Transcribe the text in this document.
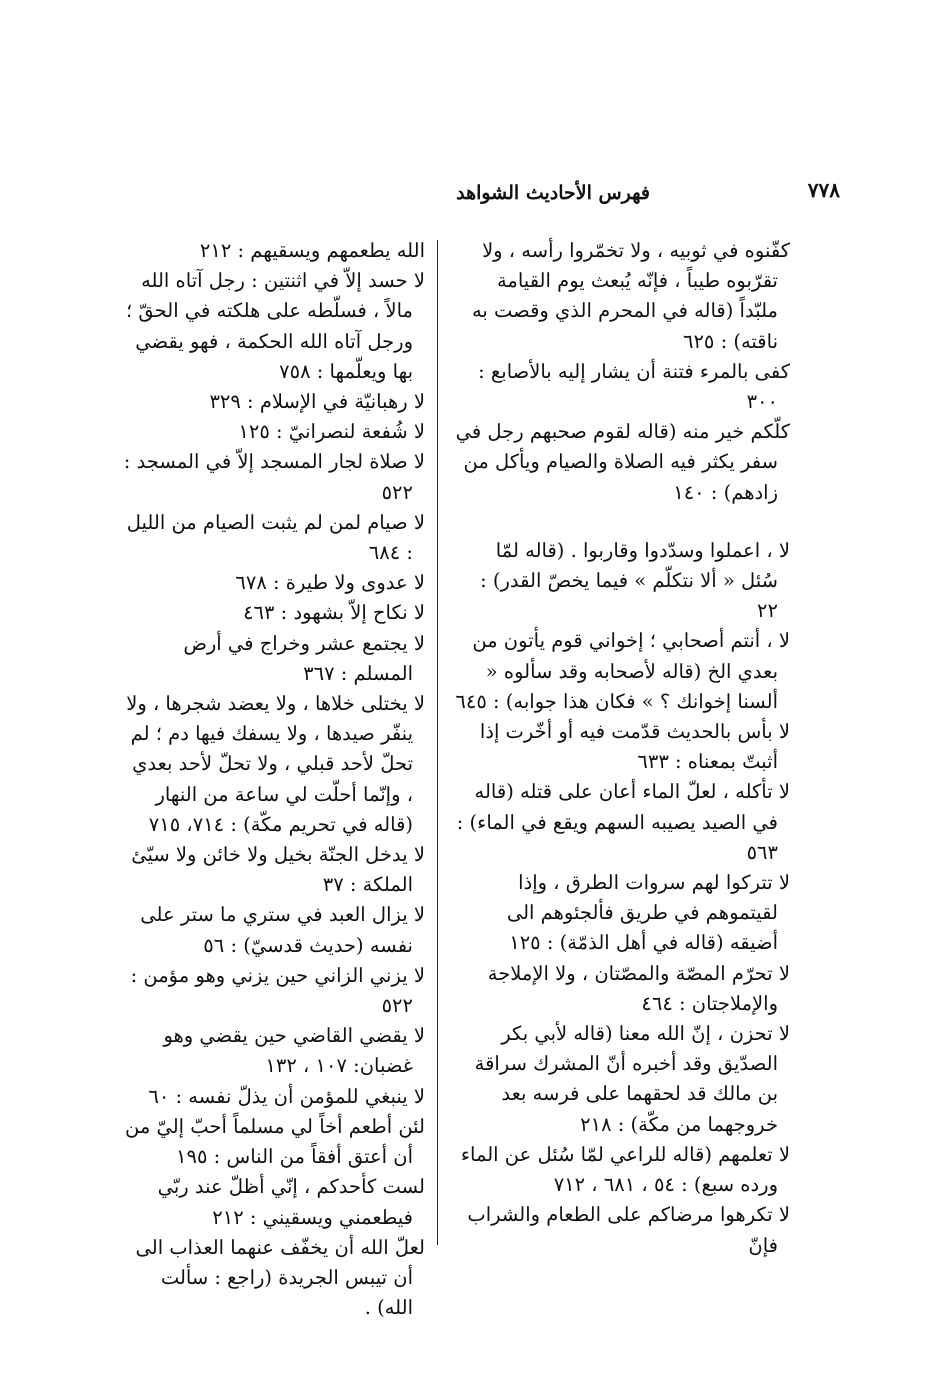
٧٧٨
فهرس الأحاديث الشواهد
كفّنوه في ثوبيه ، ولا تخمّروا رأسه ، ولا تقرّبوه طيباً ، فإنّه يُبعث يوم القيامة ملبّداً (قاله في المحرم الذي وقصت به ناقته) : ٦٢٥
كفى بالمرء فتنة أن يشار إليه بالأصابع : ٣٠٠
كلّكم خير منه (قاله لقوم صحبهم رجل في سفر يكثر فيه الصلاة والصيام ويأكل من زادهم) : ١٤٠
لا ، اعملوا وسدّدوا وقاربوا . (قاله لمّا سُئل « ألا نتكلّم » فيما يخصّ القدر) : ٢٢
لا ، أنتم أصحابي ؛ إخواني قوم يأتون من بعدي الخ (قاله لأصحابه وقد سألوه « ألسنا إخوانك ؟ » فكان هذا جوابه) : ٦٤٥
لا بأس بالحديث قدّمت فيه أو أخّرت إذا أثبتّ بمعناه : ٦٣٣
لا تأكله ، لعلّ الماء أعان على قتله (قاله في الصيد يصيبه السهم ويقع في الماء) : ٥٦٣
لا تتركوا لهم سروات الطرق ، وإذا لقيتموهم في طريق فألجئوهم الى أضيقه (قاله في أهل الذمّة) : ١٢٥
لا تحرّم المصّة والمصّتان ، ولا الإملاجة والإملاجتان : ٤٦٤
لا تحزن ، إنّ الله معنا (قاله لأبي بكر الصدّيق وقد أخبره أنّ المشرك سراقة بن مالك قد لحقهما على فرسه بعد خروجهما من مكّة) : ٢١٨
لا تعلمهم (قاله للراعي لمّا سُئل عن الماء ورده سبع) : ٥٤ ، ٦٨١ ، ٧١٢
لا تكرهوا مرضاكم على الطعام والشراب فإنّ
الله يطعمهم ويسقيهم : ٢١٢
لا حسد إلاّ في اثنتين : رجل آتاه الله مالاً ، فسلّطه على هلكته في الحقّ ؛ ورجل آتاه الله الحكمة ، فهو يقضي بها ويعلّمها : ٧٥٨
لا رهبانيّة في الإسلام : ٣٢٩
لا شُفعة لنصرانيّ : ١٢٥
لا صلاة لجار المسجد إلاّ في المسجد : ٥٢٢
لا صيام لمن لم يثبت الصيام من الليل : ٦٨٤
لا عدوى ولا طيرة : ٦٧٨
لا نكاح إلاّ بشهود : ٤٦٣
لا يجتمع عشر وخراج في أرض المسلم : ٣٦٧
لا يختلى خلاها ، ولا يعضد شجرها ، ولا ينفّر صيدها ، ولا يسفك فيها دم ؛ لم تحلّ لأحد قبلي ، ولا تحلّ لأحد بعدي ، وإنّما أحلّت لي ساعة من النهار (قاله في تحريم مكّة) : ٧١٤، ٧١٥
لا يدخل الجنّة بخيل ولا خائن ولا سيّئ الملكة : ٣٧
لا يزال العبد في ستري ما ستر على نفسه (حديث قدسيّ) : ٥٦
لا يزني الزاني حين يزني وهو مؤمن : ٥٢٢
لا يقضي القاضي حين يقضي وهو غضبان: ١٠٧ ، ١٣٢
لا ينبغي للمؤمن أن يذلّ نفسه : ٦٠
لئن أطعم أخاً لي مسلماً أحبّ إليّ من أن أعتق أفقاً من الناس : ١٩٥
لست كأحدكم ، إنّي أظلّ عند ربّي فيطعمني ويسقيني : ٢١٢
لعلّ الله أن يخفّف عنهما العذاب الى أن تيبس الجريدة (راجع : سألت الله) .
